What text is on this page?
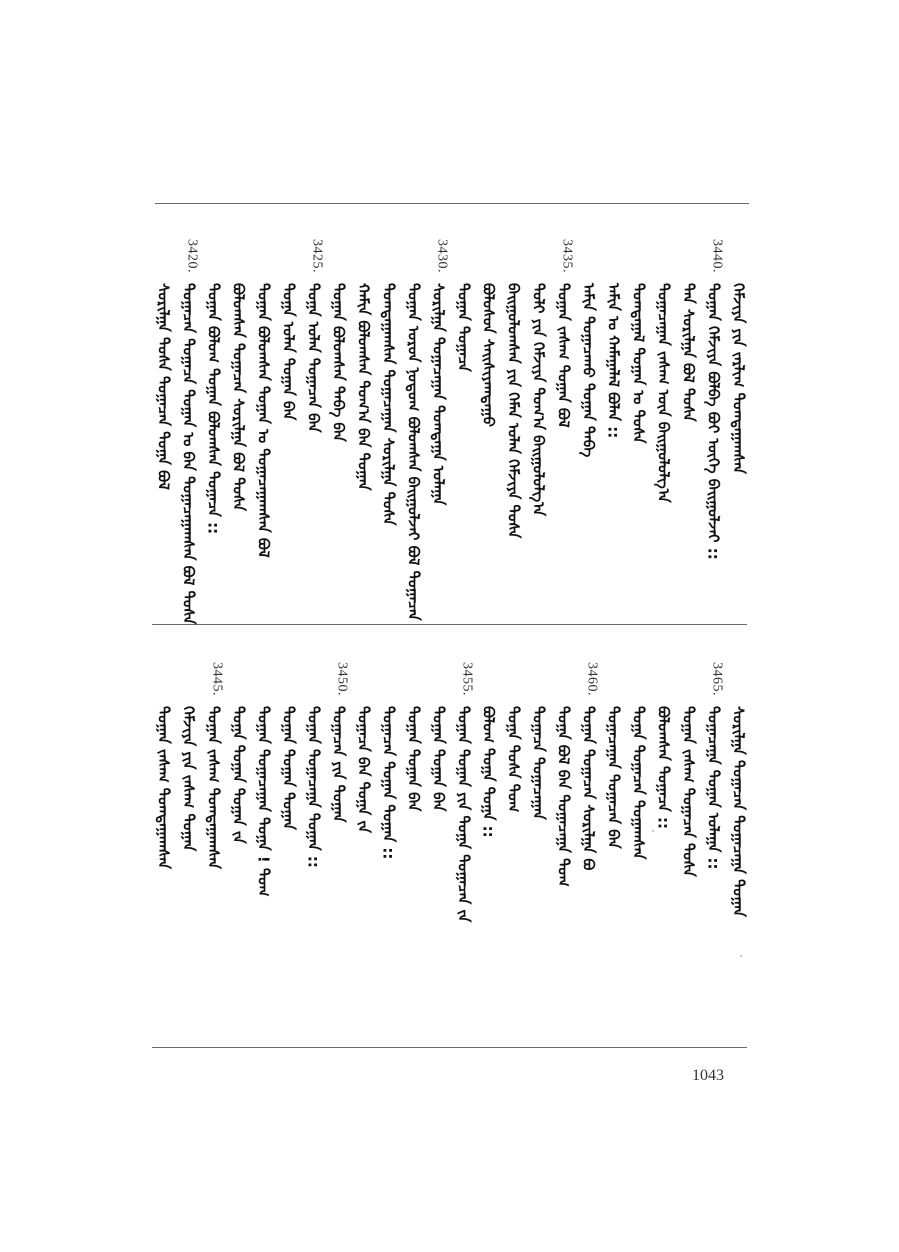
ᠬᠡᠮᠵᠢᠶᠡ ᠶᠢᠨ ᠵᠠᠷᠯᠢᠭ ᠲᠣᠭᠲᠠᠭᠠᠭᠰᠠᠨ
3440.
ᠲᠣᠭᠠᠨ ᠬᠡᠮᠵᠢᠶᠡ ᠪᠣᠯᠪᠠ ᠪᠤᠢ ᠦᠭᠡ ᠪᠠᠢᠭᠤᠯᠵᠠᠢ ::
ᠲᠠᠨ ᠰᠣᠷᠢᠯᠭᠠ ᠪᠣᠯ ᠲᠤᠰᠠ
ᠲᠣᠭᠠᠴᠠᠭᠠᠨ ᠵᠠᠰᠠᠭ ᠦᠨ ᠪᠠᠢᠭᠤᠯᠤᠯᠭ᠎ᠠ
ᠲᠣᠭᠲᠠᠭᠠᠯ ᠲᠣᠭᠠᠨ ᠤ ᠲᠤᠰᠠ
ᠠᠮᠢᠨ ᠤ ᠬᠠᠮᠠᠭᠠᠯᠠᠯ ᠪᠣᠯᠠᠨ ::
ᠠᠮᠢᠨ ᠲᠣᠭᠠᠴᠠᠬᠤ ᠲᠣᠭᠠᠨ ᠲᠠᠪᠠ
3435.
ᠲᠣᠭᠠᠨ ᠵᠠᠰᠠᠭ ᠲᠣᠭᠠᠨ ᠪᠣᠯ
ᠲᠣᠯᠢ ᠶᠢᠨ ᠬᠡᠮᠵᠢᠶᠡ ᠲᠣᠭ᠎ᠠ ᠪᠠᠢᠭᠤᠯᠤᠯᠭ᠎ᠠ
ᠪᠠᠢᠭᠤᠯᠤᠭᠰᠠᠨ ᠶᠢᠨ ᠬᠡᠮᠡᠨ ᠣᠯᠠᠨ ᠬᠡᠮᠵᠢᠶᠡ ᠲᠤᠰᠠ
ᠪᠣᠯᠣᠰᠤᠨ ᠰᠠᠢᠰᠢᠶᠠᠭᠳᠠᠭᠤ
ᠲᠣᠭᠠᠨ ᠲᠣᠭᠠᠴᠠ
3430.
ᠰᠣᠷᠢᠯᠭᠠ ᠲᠣᠭᠠᠴᠠᠭᠠᠨ ᠲᠣᠭᠲᠠᠭᠠ ᠤᠯᠠᠭᠠ
ᠲᠣᠭᠠᠨ ᠣᠷᠤᠨ ᠨᠤᠲᠤᠭ ᠪᠣᠯᠤᠭᠰᠠᠨ ᠪᠠᠢᠭᠤᠯᠵᠠᠢ ᠪᠣᠯ ᠲᠣᠭᠠᠴᠠᠨ
ᠲᠣᠭᠲᠠᠭᠠᠭᠰᠠᠨ ᠲᠣᠭᠠᠴᠠᠭᠠᠨ ᠰᠣᠷᠢᠯᠭᠠ ᠲᠤᠰᠠ
ᠬᠠᠮᠢᠨ ᠪᠣᠯᠤᠭᠰᠠᠨ ᠲᠣᠭ᠎ᠠ ᠪᠠᠨ ᠲᠣᠭᠠᠨ
ᠲᠣᠭᠠᠨ ᠪᠣᠯᠤᠭᠰᠠᠨ ᠲᠠᠪᠠ ᠪᠠᠨ
3425.
ᠲᠣᠭᠠ ᠣᠯᠠᠨ ᠲᠣᠭᠠᠴᠠᠨ ᠪᠠᠨ
ᠲᠣᠭᠠ ᠣᠯᠠᠨ ᠲᠣᠭᠠᠨ ᠪᠠᠨ
ᠲᠣᠭᠠᠨ ᠪᠣᠯᠤᠭᠰᠠᠨ ᠲᠣᠭᠠᠨ ᠤ ᠲᠣᠭᠠᠴᠠᠭᠠᠭᠰᠠᠨ ᠪᠣᠯ
ᠪᠣᠯᠤᠭᠰᠠᠨ ᠲᠣᠭᠠᠴᠠᠨ ᠰᠣᠷᠢᠯᠭᠠ ᠪᠣᠯ ᠲᠤᠰᠠ
ᠲᠣᠭᠠᠨ ᠪᠣᠯᠤᠭ ᠲᠣᠭᠠᠨ ᠪᠣᠯᠤᠭᠰᠠᠨ ᠲᠣᠭᠠᠴᠠ ::
3420.
ᠲᠣᠭᠠᠴᠠᠨ ᠲᠣᠭᠠᠴᠠ ᠲᠣᠭᠠᠨ ᠤ ᠪᠠᠨ ᠲᠣᠭᠠᠴᠠᠭᠠᠭᠰᠠᠨ ᠪᠣᠯ ᠲᠤᠰᠠ
ᠰᠣᠷᠢᠯᠭᠠ ᠲᠤᠰᠠ ᠲᠣᠭᠠᠴᠠᠨ ᠲᠣᠭᠠ ᠪᠣᠯ
ᠰᠣᠷᠢᠯᠭᠠ ᠲᠣᠭᠠᠴᠠᠨ ᠲᠣᠭᠠᠴᠠᠭᠠ ᠲᠣᠭᠠᠨ
3465.
ᠲᠣᠭᠠᠴᠠᠭᠠ ᠲᠣᠭᠠᠨ ᠤᠯᠠᠭᠠ ::
ᠲᠣᠭᠠᠨ ᠵᠠᠰᠠᠭ ᠲᠣᠭᠠᠴᠠᠨ ᠲᠤᠰᠠ
ᠪᠣᠯᠤᠭᠰᠠᠨ ᠲᠣᠭᠠᠴᠠ ::
ᠲᠣᠭᠠ ᠲᠣᠭᠠᠴᠠᠨ ᠲᠣᠭᠠᠭᠰᠠᠨ
ᠲᠣᠭᠠᠴᠠᠭᠠᠨ ᠲᠣᠭᠠᠴᠠᠨ ᠪᠠᠨ
3460.
ᠲᠣᠭᠠᠨ ᠲᠣᠭᠠᠴᠠᠨ ᠰᠣᠷᠢᠯᠭᠠ ᠪᠣ
ᠲᠣᠭᠠ ᠪᠣᠯ ᠪᠠᠨ ᠲᠣᠭᠠᠴᠠᠭᠠ ᠲᠣᠭ
ᠲᠣᠭᠠᠴᠠ ᠲᠣᠭᠠᠴᠠᠭᠠᠨ
ᠲᠣᠭᠠ ᠲᠤᠰᠠ ᠲᠣᠭ
ᠪᠣᠯᠤᠭ ᠲᠣᠭᠠ ᠲᠣᠭᠠ ::
3455.
ᠲᠣᠭᠠᠨ ᠲᠣᠭᠠᠨ ᠶᠢᠨ ᠲᠣᠭᠠ ᠲᠣᠭᠠᠴᠠᠨ ᠵᠠ
ᠲᠣᠭᠠᠨ ᠲᠣᠭᠠᠨ ᠪᠠᠨ
ᠲᠣᠭᠠᠨ ᠲᠣᠭᠠᠨ ᠪᠠᠨ
ᠲᠣᠭᠠᠴᠠᠨ ᠲᠣᠭᠠᠨ ᠲᠣᠭᠠᠨ ::
ᠲᠣᠭᠠᠴᠠ ᠪᠠᠨ ᠲᠣᠭᠠ ᠵᠠ
3450.
ᠲᠣᠭᠠᠴᠠᠨ ᠶᠢᠨ ᠲᠣᠭᠠᠨ
ᠲᠣᠭᠠᠨ ᠲᠣᠭᠠᠴᠠᠭᠠ ᠲᠣᠭᠠᠨ ::
ᠲᠣᠭᠠᠨ ᠲᠣᠭᠠᠨ ᠲᠣᠭᠠᠨ
ᠲᠣᠭᠠᠨ ᠲᠣᠭᠠᠴᠠᠭᠠᠨ ᠲᠣᠭᠠ ! ᠲᠣᠭ
ᠲᠣᠭᠠ ᠲᠣᠭᠠᠨ ᠲᠣᠭᠠᠨ ᠵᠠ
3445.
ᠲᠣᠭᠠᠨ ᠵᠠᠰᠠᠭ ᠲᠣᠭᠲᠠᠭᠠᠭᠰᠠᠨ
ᠬᠡᠮᠵᠢᠶᠡ ᠶᠢᠨ ᠵᠠᠰᠠᠭ ᠲᠣᠭᠠᠨ
ᠲᠣᠭᠠᠨ ᠵᠠᠰᠠᠭ ᠲᠣᠭᠲᠠᠭᠠᠭᠰᠠᠨ
1043
